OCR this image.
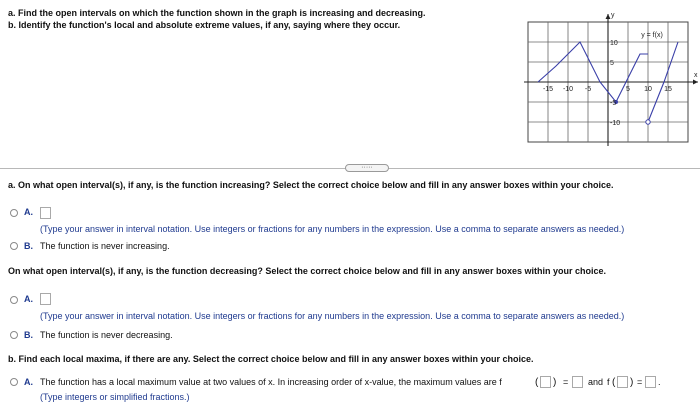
a. Find the open intervals on which the function shown in the graph is increasing and decreasing.
b. Identify the function's local and absolute extreme values, if any, saying where they occur.
-15 -10 -5	5 10 15
10
5
-5
-10
y
x
y = f(x)
·····
a. On what open interval(s), if any, is the function increasing? Select the correct choice below and fill in any answer boxes within your choice.
A.
(Type your answer in interval notation. Use integers or fractions for any numbers in the expression. Use a comma to separate answers as needed.)
B. The function is never increasing.
On what open interval(s), if any, is the function decreasing? Select the correct choice below and fill in any answer boxes within your choice.
A.
(Type your answer in interval notation. Use integers or fractions for any numbers in the expression. Use a comma to separate answers as needed.)
B. The function is never decreasing.
b. Find each local maxima, if there are any. Select the correct choice below and fill in any answer boxes within your choice.
A. The function has a local maximum value at two values of x. In increasing order of x-value, the maximum values are f	( ) = and f ( ) = .
(Type integers or simplified fractions.)
